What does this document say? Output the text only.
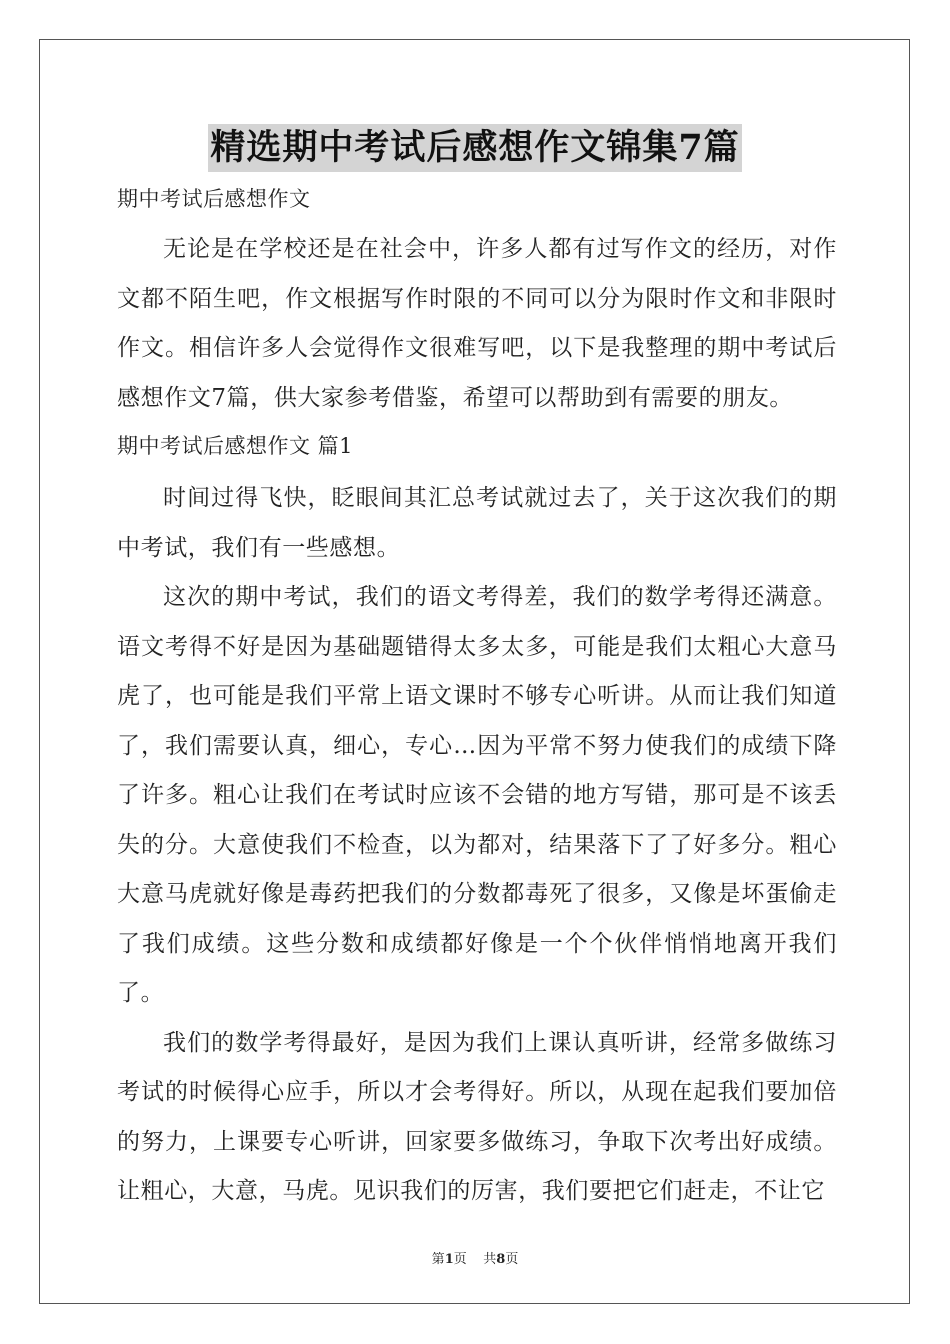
精选期中考试后感想作文锦集7篇
期中考试后感想作文

无论是在学校还是在社会中，许多人都有过写作文的经历，对作文都不陌生吧，作文根据写作时限的不同可以分为限时作文和非限时作文。相信许多人会觉得作文很难写吧，以下是我整理的期中考试后感想作文7篇，供大家参考借鉴，希望可以帮助到有需要的朋友。

期中考试后感想作文 篇1

时间过得飞快，眨眼间其汇总考试就过去了，关于这次我们的期中考试，我们有一些感想。

这次的期中考试，我们的语文考得差，我们的数学考得还满意。语文考得不好是因为基础题错得太多太多，可能是我们太粗心大意马虎了，也可能是我们平常上语文课时不够专心听讲。从而让我们知道了，我们需要认真，细心，专心…因为平常不努力使我们的成绩下降了许多。粗心让我们在考试时应该不会错的地方写错，那可是不该丢失的分。大意使我们不检查，以为都对，结果落下了了好多分。粗心大意马虎就好像是毒药把我们的分数都毒死了很多，又像是坏蛋偷走了我们成绩。这些分数和成绩都好像是一个个伙伴悄悄地离开我们了。

我们的数学考得最好，是因为我们上课认真听讲，经常多做练习考试的时候得心应手，所以才会考得好。所以，从现在起我们要加倍的努力，上课要专心听讲，回家要多做练习，争取下次考出好成绩。让粗心，大意，马虎。见识我们的厉害，我们要把它们赶走，不让它

第1页    共8页
